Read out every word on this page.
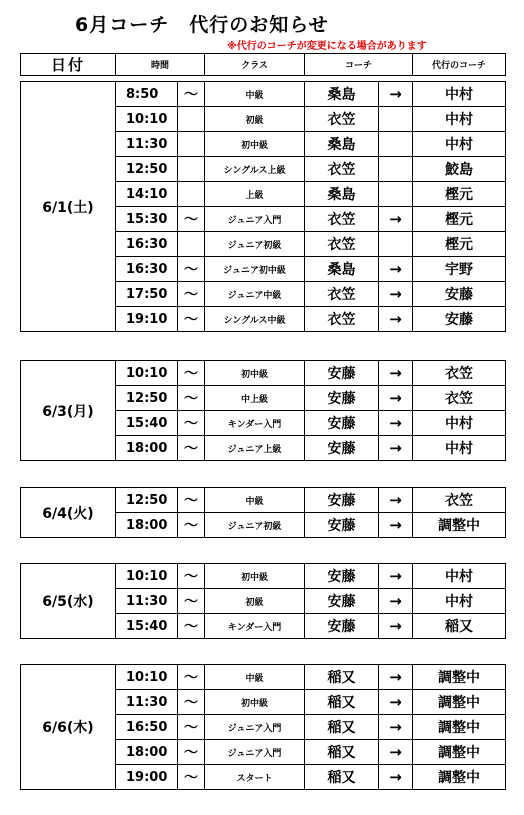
6月コーチ　代行のお知らせ
※代行のコーチが変更になる場合があります
日付	時間	クラス	コーチ	代行のコーチ
6/1(土)	8:50	〜	中級	桑島	→	中村
	10:10		初級	衣笠		中村
	11:30		初中級	桑島		中村
	12:50		シングルス上級	衣笠		鮫島
	14:10		上級	桑島		樫元
	15:30	〜	ジュニア入門	衣笠	→	樫元
	16:30		ジュニア初級	衣笠		樫元
	16:30	〜	ジュニア初中級	桑島	→	宇野
	17:50	〜	ジュニア中級	衣笠	→	安藤
	19:10	〜	シングルス中級	衣笠	→	安藤
6/3(月)	10:10	〜	初中級	安藤	→	衣笠
	12:50	〜	中上級	安藤	→	衣笠
	15:40	〜	キンダー入門	安藤	→	中村
	18:00	〜	ジュニア上級	安藤	→	中村
6/4(火)	12:50	〜	中級	安藤	→	衣笠
	18:00	〜	ジュニア初級	安藤	→	調整中
6/5(水)	10:10	〜	初中級	安藤	→	中村
	11:30	〜	初級	安藤	→	中村
	15:40	〜	キンダー入門	安藤	→	稲又
6/6(木)	10:10	〜	中級	稲又	→	調整中
	11:30	〜	初中級	稲又	→	調整中
	16:50	〜	ジュニア入門	稲又	→	調整中
	18:00	〜	ジュニア入門	稲又	→	調整中
	19:00	〜	スタート	稲又	→	調整中
